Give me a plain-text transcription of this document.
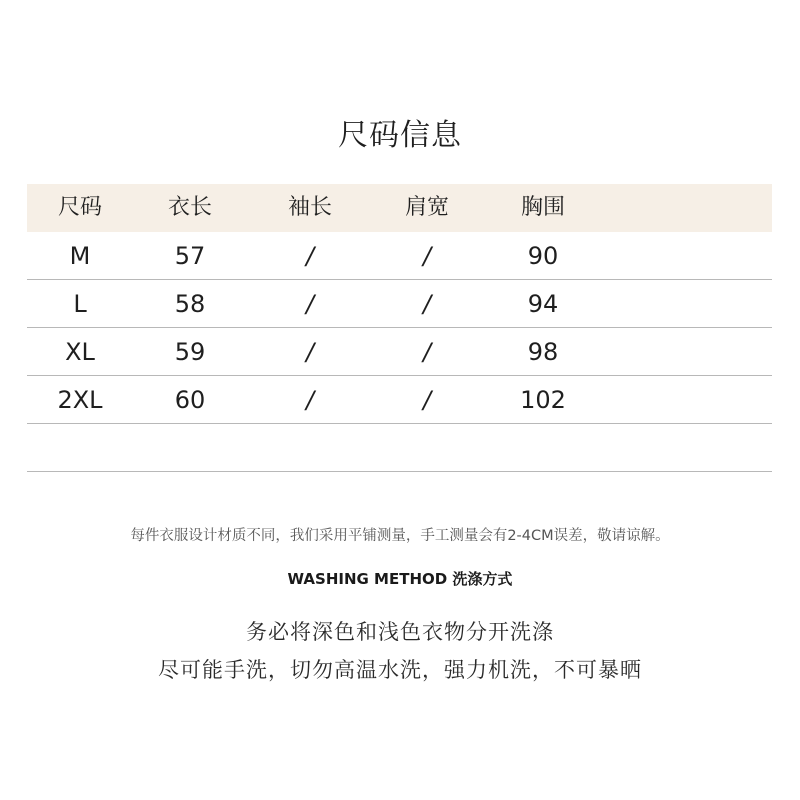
尺码信息
尺码	衣长	袖长	肩宽	胸围
M	57	/	/	90
L	58	/	/	94
XL	59	/	/	98
2XL	60	/	/	102
每件衣服设计材质不同，我们采用平铺测量，手工测量会有2-4CM误差，敬请谅解。
WASHING METHOD 洗涤方式
务必将深色和浅色衣物分开洗涤
尽可能手洗，切勿高温水洗，强力机洗，不可暴晒
